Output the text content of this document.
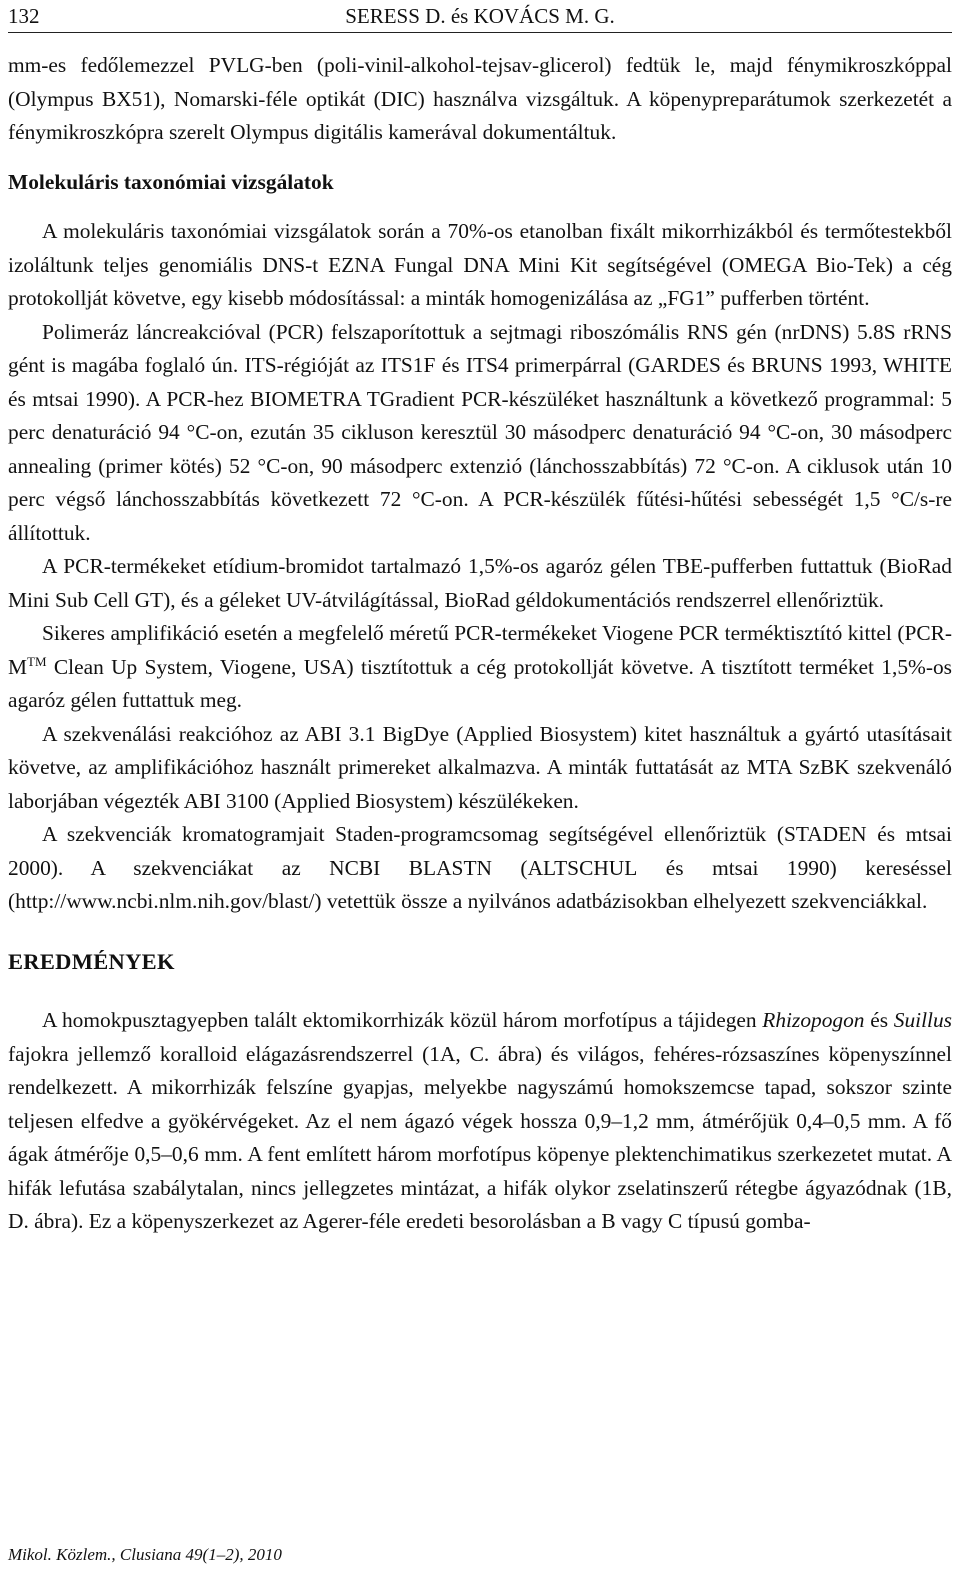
132	SERESS D. és KOVÁCS M. G.

mm-es fedőlemezzel PVLG-ben (poli-vinil-alkohol-tejsav-glicerol) fedtük le, majd fénymikroszkóppal (Olympus BX51), Nomarski-féle optikát (DIC) használva vizsgáltuk. A köpenypreparátumok szerkezetét a fénymikroszkópra szerelt Olympus digitális kamerával dokumentáltuk.

Molekuláris taxonómiai vizsgálatok

A molekuláris taxonómiai vizsgálatok során a 70%-os etanolban fixált mikorrhizákból és termőtestekből izoláltunk teljes genomiális DNS-t EZNA Fungal DNA Mini Kit segítségével (OMEGA Bio-Tek) a cég protokollját követve, egy kisebb módosítással: a minták homogenizálása az „FG1” pufferben történt.

Polimeráz láncreakcióval (PCR) felszaporítottuk a sejtmagi riboszómális RNS gén (nrDNS) 5.8S rRNS gént is magába foglaló ún. ITS-régióját az ITS1F és ITS4 primerpárral (GARDES és BRUNS 1993, WHITE és mtsai 1990). A PCR-hez BIOMETRA TGradient PCR-készüléket használtunk a következő programmal: 5 perc denaturáció 94 °C-on, ezután 35 cikluson keresztül 30 másodperc denaturáció 94 °C-on, 30 másodperc annealing (primer kötés) 52 °C-on, 90 másodperc extenzió (lánchosszabbítás) 72 °C-on. A ciklusok után 10 perc végső lánchosszabbítás következett 72 °C-on. A PCR-készülék fűtési-hűtési sebességét 1,5 °C/s-re állítottuk.

A PCR-termékeket etídium-bromidot tartalmazó 1,5%-os agaróz gélen TBE-pufferben futtattuk (BioRad Mini Sub Cell GT), és a géleket UV-átvilágítással, BioRad géldokumentációs rendszerrel ellenőriztük.

Sikeres amplifikáció esetén a megfelelő méretű PCR-termékeket Viogene PCR terméktisztító kittel (PCR-M™ Clean Up System, Viogene, USA) tisztítottuk a cég protokollját követve. A tisztított terméket 1,5%-os agaróz gélen futtattuk meg.

A szekvenálási reakcióhoz az ABI 3.1 BigDye (Applied Biosystem) kitet használtuk a gyártó utasításait követve, az amplifikációhoz használt primereket alkalmazva. A minták futtatását az MTA SzBK szekvenáló laborjában végezték ABI 3100 (Applied Biosystem) készülékeken.

A szekvenciák kromatogramjait Staden-programcsomag segítségével ellenőriztük (STADEN és mtsai 2000). A szekvenciákat az NCBI BLASTN (ALTSCHUL és mtsai 1990) kereséssel (http://www.ncbi.nlm.nih.gov/blast/) vetettük össze a nyilvános adatbázisokban elhelyezett szekvenciákkal.

EREDMÉNYEK

A homokpusztagyepben talált ektomikorrhizák közül három morfotípus a tájidegen Rhizopogon és Suillus fajokra jellemző koralloid elágazásrendszerrel (1A, C. ábra) és világos, fehéres-rózsaszínes köpenyszínnel rendelkezett. A mikorrhizák felszíne gyapjas, melyekbe nagyszámú homokszemcse tapad, sokszor szinte teljesen elfedve a gyökérvégeket. Az el nem ágazó végek hossza 0,9–1,2 mm, átmérőjük 0,4–0,5 mm. A fő ágak átmérője 0,5–0,6 mm. A fent említett három morfotípus köpenye plektenchimatikus szerkezetet mutat. A hifák lefutása szabálytalan, nincs jellegzetes mintázat, a hifák olykor zselatinszerű rétegbe ágyazódnak (1B, D. ábra). Ez a köpenyszerkezet az Agerer-féle eredeti besorolásban a B vagy C típusú gomba-

Mikol. Közlem., Clusiana 49(1–2), 2010
